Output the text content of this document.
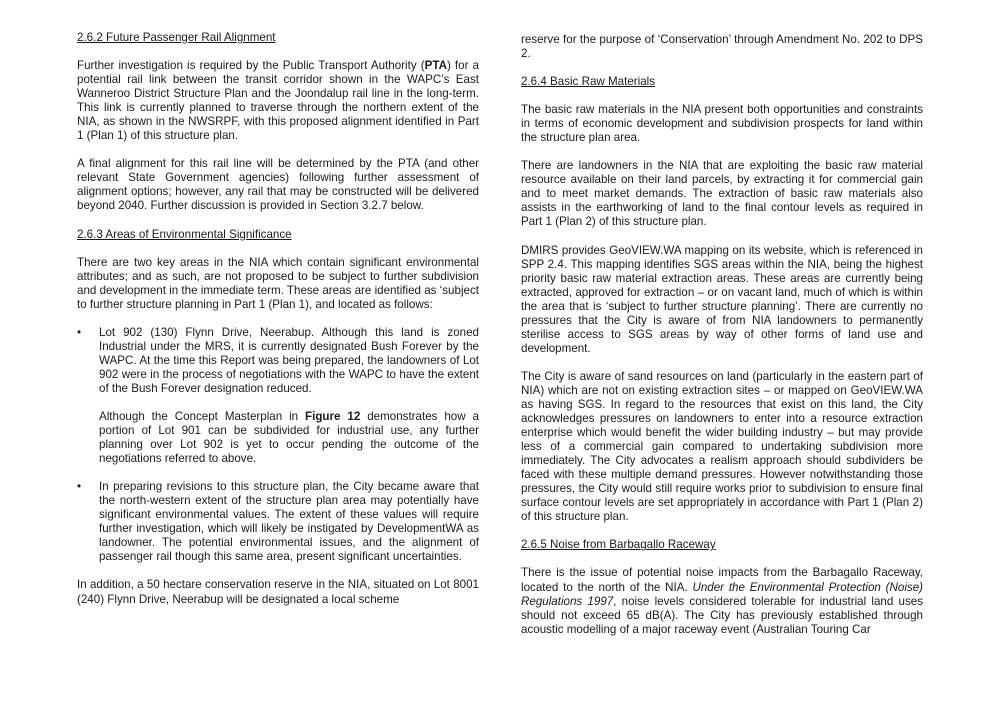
2.6.2 Future Passenger Rail Alignment

Further investigation is required by the Public Transport Authority (PTA) for a potential rail link between the transit corridor shown in the WAPC’s East Wanneroo District Structure Plan and the Joondalup rail line in the long-term. This link is currently planned to traverse through the northern extent of the NIA, as shown in the NWSRPF, with this proposed alignment identified in Part 1 (Plan 1) of this structure plan.

A final alignment for this rail line will be determined by the PTA (and other relevant State Government agencies) following further assessment of alignment options; however, any rail that may be constructed will be delivered beyond 2040. Further discussion is provided in Section 3.2.7 below.

2.6.3 Areas of Environmental Significance

There are two key areas in the NIA which contain significant environmental attributes; and as such, are not proposed to be subject to further subdivision and development in the immediate term. These areas are identified as ‘subject to further structure planning in Part 1 (Plan 1), and located as follows:

• Lot 902 (130) Flynn Drive, Neerabup. Although this land is zoned Industrial under the MRS, it is currently designated Bush Forever by the WAPC. At the time this Report was being prepared, the landowners of Lot 902 were in the process of negotiations with the WAPC to have the extent of the Bush Forever designation reduced.

Although the Concept Masterplan in Figure 12 demonstrates how a portion of Lot 901 can be subdivided for industrial use, any further planning over Lot 902 is yet to occur pending the outcome of the negotiations referred to above.

• In preparing revisions to this structure plan, the City became aware that the north-western extent of the structure plan area may potentially have significant environmental values. The extent of these values will require further investigation, which will likely be instigated by DevelopmentWA as landowner. The potential environmental issues, and the alignment of passenger rail though this same area, present significant uncertainties.

In addition, a 50 hectare conservation reserve in the NIA, situated on Lot 8001 (240) Flynn Drive, Neerabup will be designated a local scheme

reserve for the purpose of ‘Conservation’ through Amendment No. 202 to DPS 2.

2.6.4 Basic Raw Materials

The basic raw materials in the NIA present both opportunities and constraints in terms of economic development and subdivision prospects for land within the structure plan area.

There are landowners in the NIA that are exploiting the basic raw material resource available on their land parcels, by extracting it for commercial gain and to meet market demands. The extraction of basic raw materials also assists in the earthworking of land to the final contour levels as required in Part 1 (Plan 2) of this structure plan.

DMIRS provides GeoVIEW.WA mapping on its website, which is referenced in SPP 2.4. This mapping identifies SGS areas within the NIA, being the highest priority basic raw material extraction areas. These areas are currently being extracted, approved for extraction – or on vacant land, much of which is within the area that is ‘subject to further structure planning’. There are currently no pressures that the City is aware of from NIA landowners to permanently sterilise access to SGS areas by way of other forms of land use and development.

The City is aware of sand resources on land (particularly in the eastern part of NIA) which are not on existing extraction sites – or mapped on GeoVIEW.WA as having SGS. In regard to the resources that exist on this land, the City acknowledges pressures on landowners to enter into a resource extraction enterprise which would benefit the wider building industry – but may provide less of a commercial gain compared to undertaking subdivision more immediately. The City advocates a realism approach should subdividers be faced with these multiple demand pressures. However notwithstanding those pressures, the City would still require works prior to subdivision to ensure final surface contour levels are set appropriately in accordance with Part 1 (Plan 2) of this structure plan.

2.6.5 Noise from Barbagallo Raceway

There is the issue of potential noise impacts from the Barbagallo Raceway, located to the north of the NIA. Under the Environmental Protection (Noise) Regulations 1997, noise levels considered tolerable for industrial land uses should not exceed 65 dB(A). The City has previously established through acoustic modelling of a major raceway event (Australian Touring Car
